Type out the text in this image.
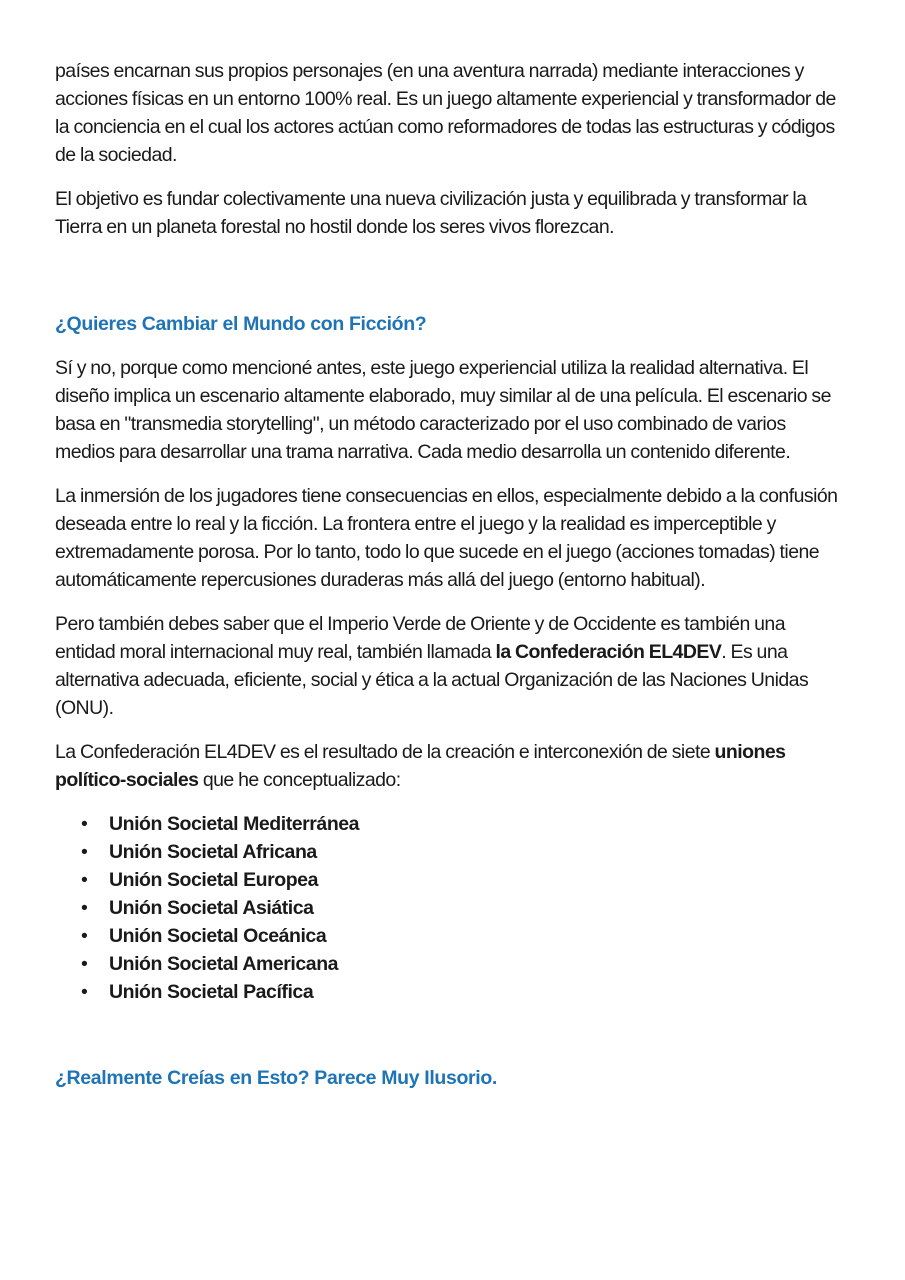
países encarnan sus propios personajes (en una aventura narrada) mediante interacciones y acciones físicas en un entorno 100% real. Es un juego altamente experiencial y transformador de la conciencia en el cual los actores actúan como reformadores de todas las estructuras y códigos de la sociedad.

El objetivo es fundar colectivamente una nueva civilización justa y equilibrada y transformar la Tierra en un planeta forestal no hostil donde los seres vivos florezcan.

¿Quieres Cambiar el Mundo con Ficción?

Sí y no, porque como mencioné antes, este juego experiencial utiliza la realidad alternativa. El diseño implica un escenario altamente elaborado, muy similar al de una película. El escenario se basa en "transmedia storytelling", un método caracterizado por el uso combinado de varios medios para desarrollar una trama narrativa. Cada medio desarrolla un contenido diferente.

La inmersión de los jugadores tiene consecuencias en ellos, especialmente debido a la confusión deseada entre lo real y la ficción. La frontera entre el juego y la realidad es imperceptible y extremadamente porosa. Por lo tanto, todo lo que sucede en el juego (acciones tomadas) tiene automáticamente repercusiones duraderas más allá del juego (entorno habitual).

Pero también debes saber que el Imperio Verde de Oriente y de Occidente es también una entidad moral internacional muy real, también llamada la Confederación EL4DEV. Es una alternativa adecuada, eficiente, social y ética a la actual Organización de las Naciones Unidas (ONU).

La Confederación EL4DEV es el resultado de la creación e interconexión de siete uniones político-sociales que he conceptualizado:

• Unión Societal Mediterránea
• Unión Societal Africana
• Unión Societal Europea
• Unión Societal Asiática
• Unión Societal Oceánica
• Unión Societal Americana
• Unión Societal Pacífica
¿Realmente Creías en Esto? Parece Muy Ilusorio.
